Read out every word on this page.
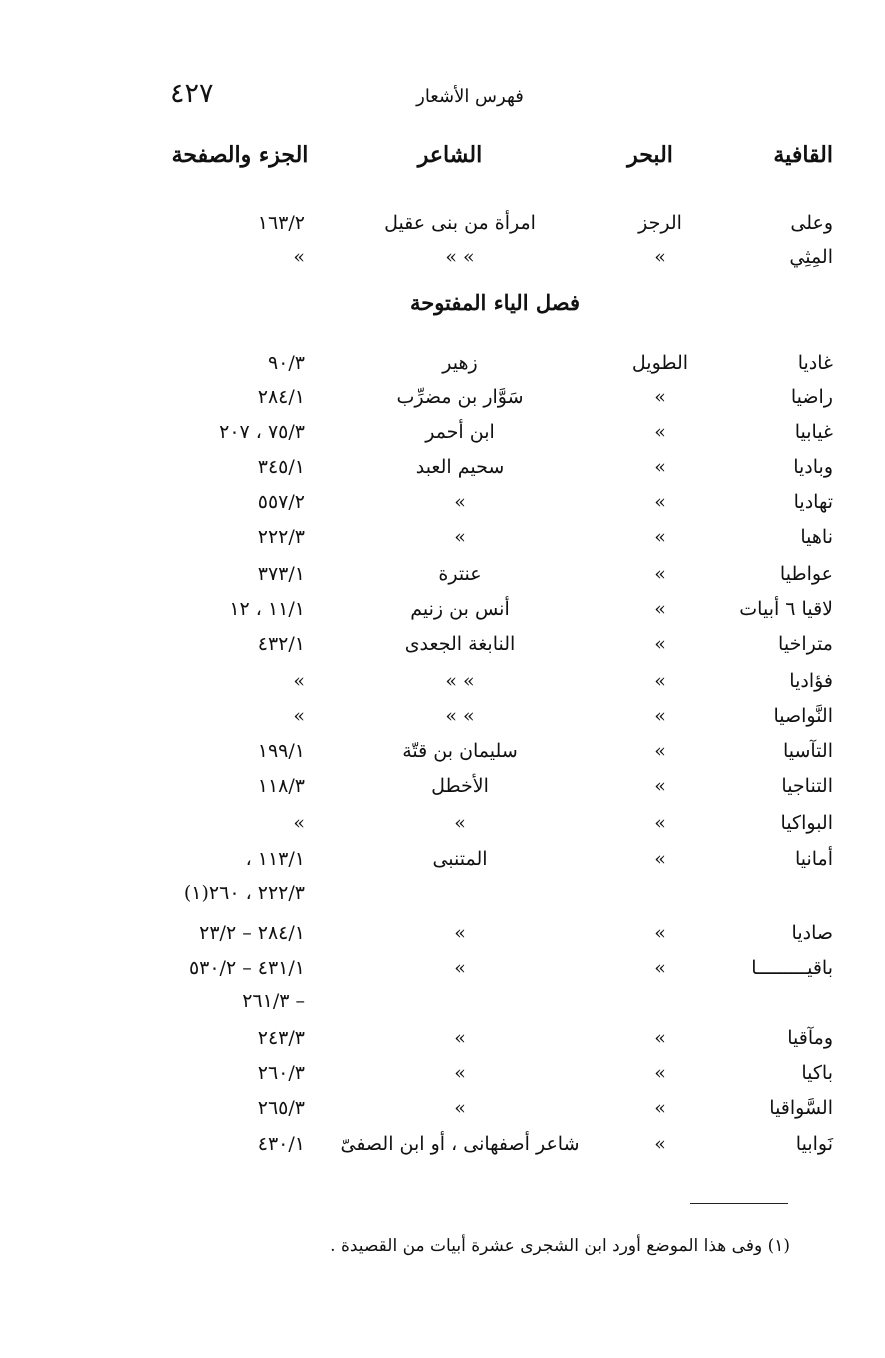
٤٢٧	فهرس الأشعار
القافية
البحر
الشاعر
الجزء والصفحة
فصل الياء المفتوحة
وعلى
الرجز
امرأة من بنى عقيل
١٦٣/٢
المِثِي
»
» »
»
غاديا
الطويل
زهير
٩٠/٣
راضيا
»
سَوَّار بن مضرِّب
٢٨٤/١
غيابيا
»
ابن أحمر
٧٥/٣ ، ٢٠٧
وباديا
»
سحيم العبد
٣٤٥/١
تهاديا
»
»
٥٥٧/٢
ناهيا
»
»
٢٢٢/٣
عواطيا
»
عنترة
٣٧٣/١
لاقيا ٦ أبيات
»
أنس بن زنيم
١١/١ ، ١٢
متراخيا
»
النابغة الجعدى
٤٣٢/١
فؤاديا
»
» »
»
النَّواصيا
»
» »
»
التآسيا
»
سليمان بن قتّة
١٩٩/١
التناجيا
»
الأخطل
١١٨/٣
البواكيا
»
»
»
أمانيا
»
المتنبى
١١٣/١ ،
٢٢٢/٣ ، ٢٦٠(١)
صاديا
»
»
٢٨٤/١ – ٢٣/٢
باقيـــــــــا
»
»
٤٣١/١ – ٥٣٠/٢
– ٢٦١/٣
ومآقيا
»
»
٢٤٣/٣
باكيا
»
»
٢٦٠/٣
السَّواقيا
»
»
٢٦٥/٣
نَوابيا
»
شاعر أصفهانى ، أو ابن الصفىّ
٤٣٠/١
(١) وفى هذا الموضع أورد ابن الشجرى عشرة أبيات من القصيدة .
